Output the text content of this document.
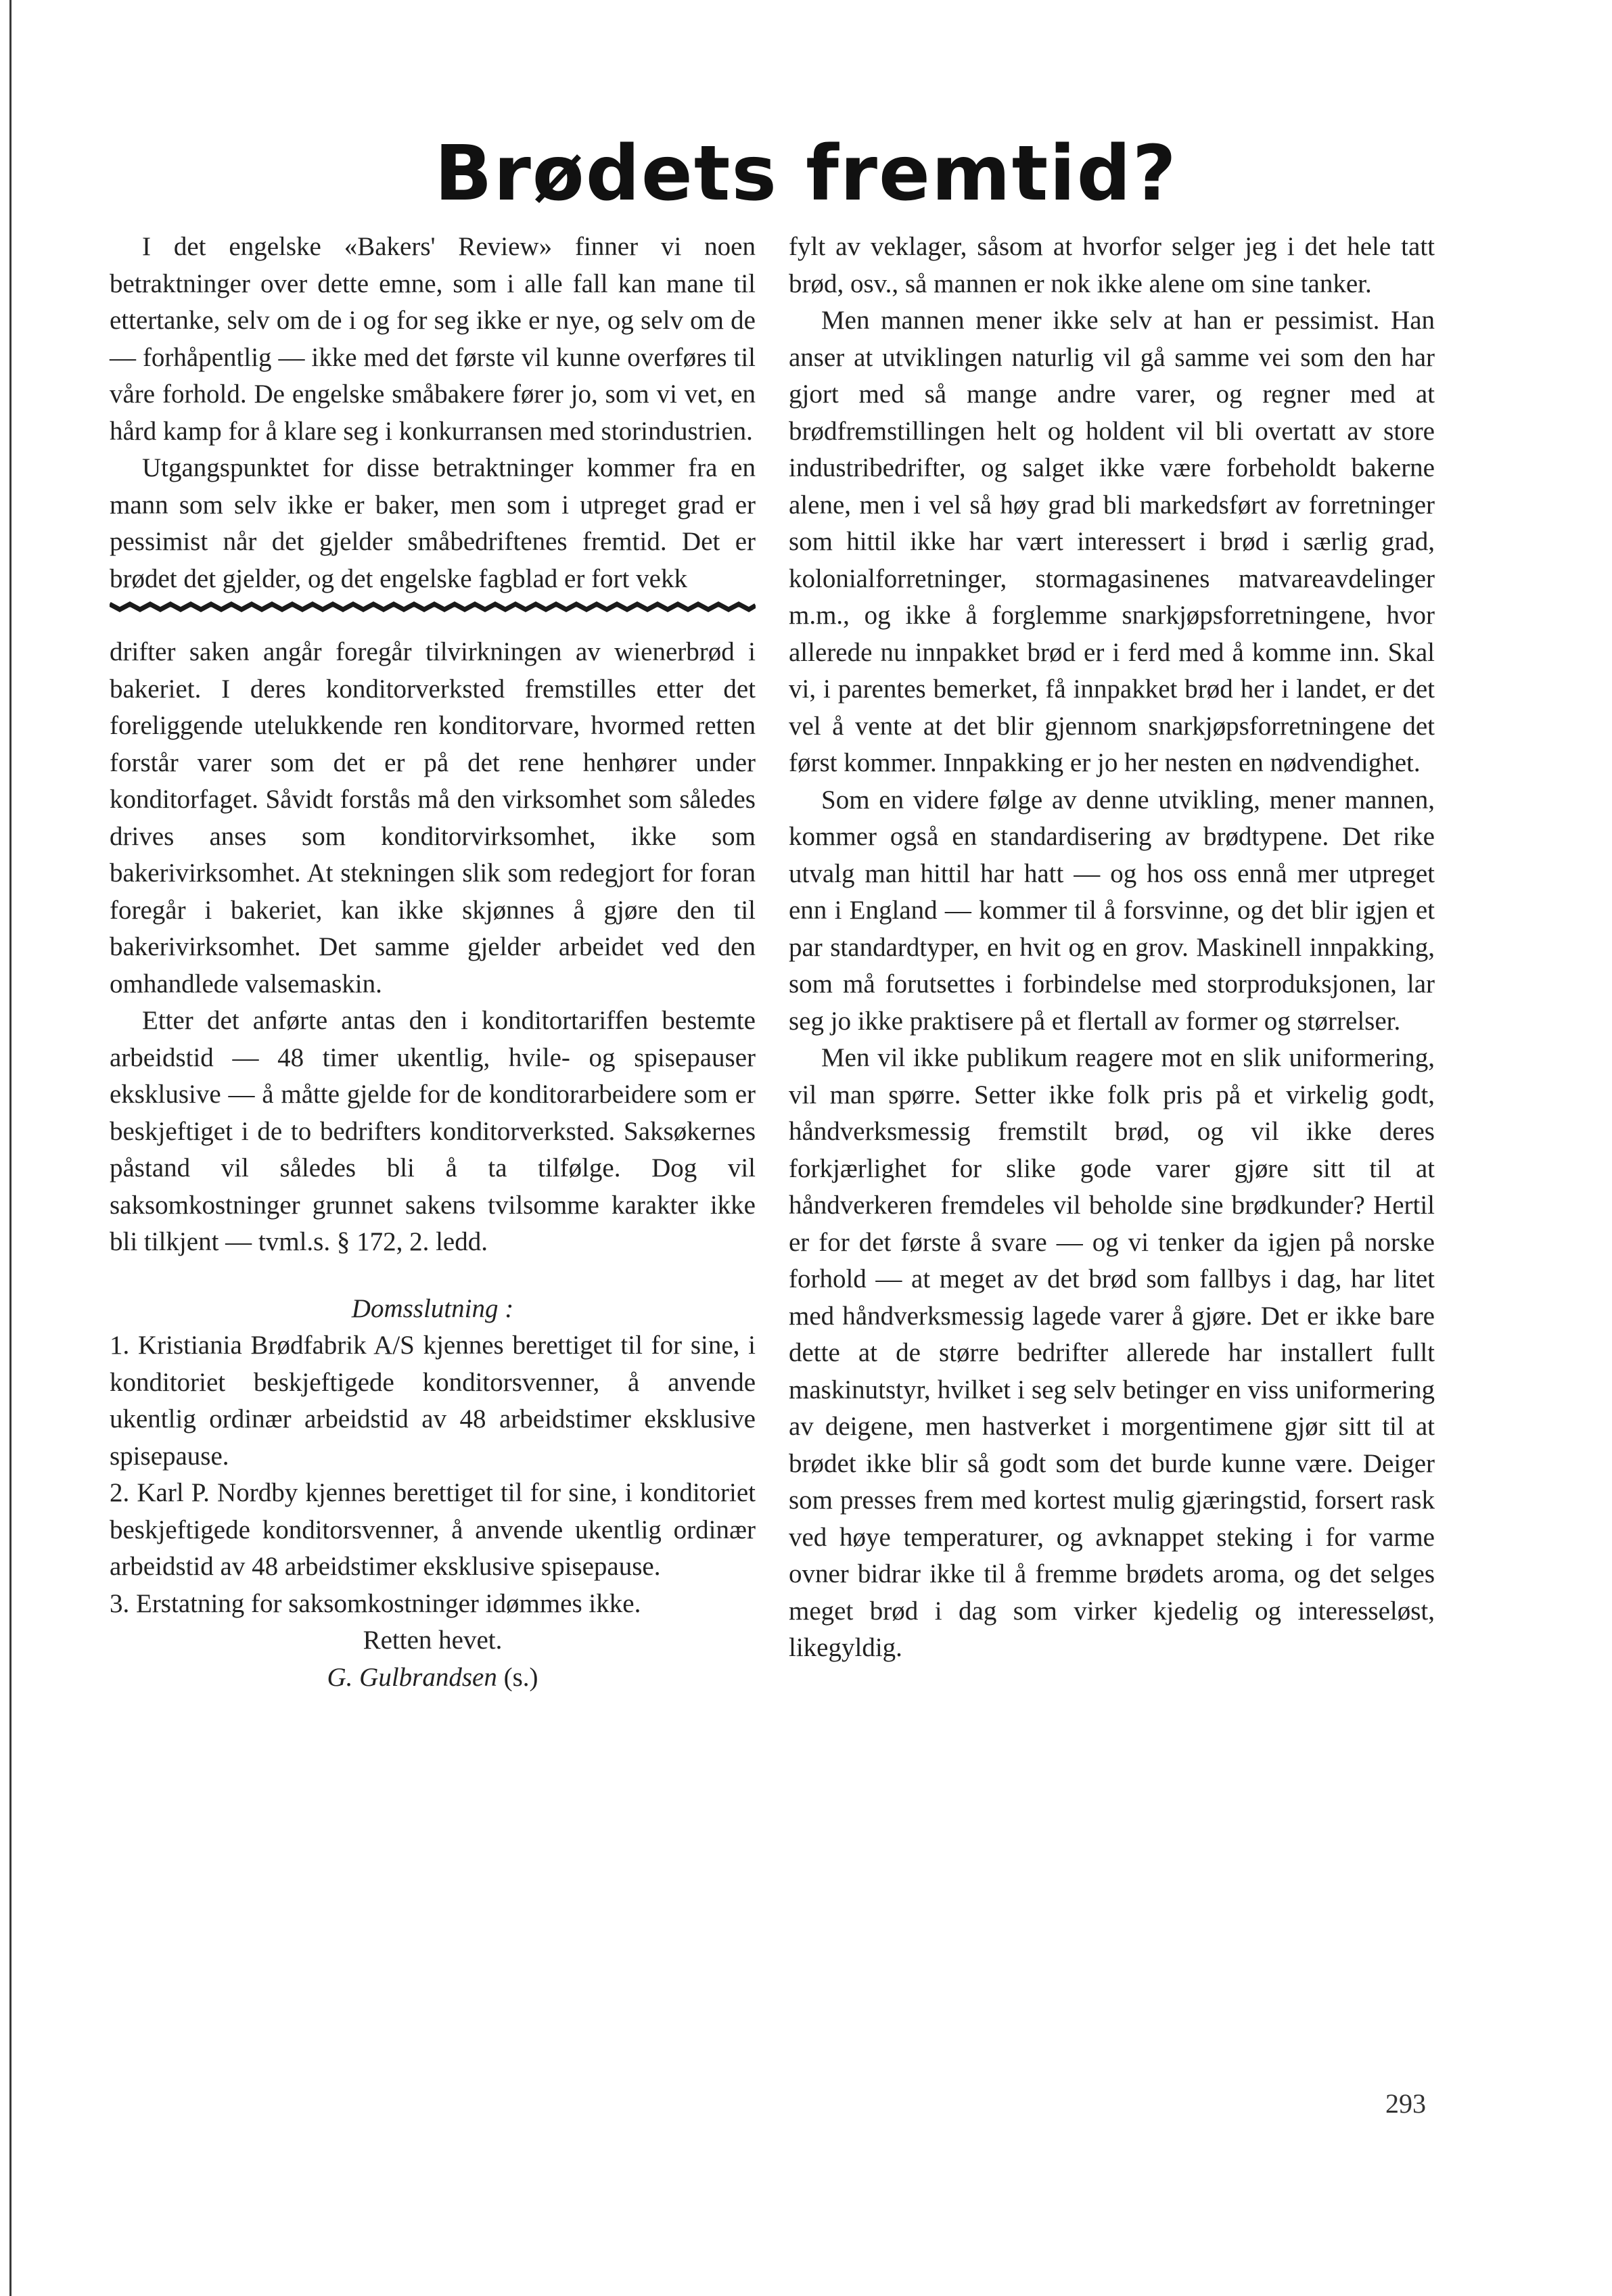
Brødets fremtid?

I det engelske «Bakers' Review» finner vi noen betraktninger over dette emne, som i alle fall kan mane til ettertanke, selv om de i og for seg ikke er nye, og selv om de — forhåpentlig — ikke med det første vil kunne overføres til våre forhold. De engelske småbakere fører jo, som vi vet, en hård kamp for å klare seg i konkurransen med storindustrien.

Utgangspunktet for disse betraktninger kommer fra en mann som selv ikke er baker, men som i utpreget grad er pessimist når det gjelder småbedriftenes fremtid. Det er brødet det gjelder, og det engelske fagblad er fort vekk

drifter saken angår foregår tilvirkningen av wienerbrød i bakeriet. I deres konditorverksted fremstilles etter det foreliggende utelukkende ren konditorvare, hvormed retten forstår varer som det er på det rene henhører under konditorfaget. Såvidt forstås må den virksomhet som således drives anses som konditorvirksomhet, ikke som bakerivirksomhet. At stekningen slik som redegjort for foran foregår i bakeriet, kan ikke skjønnes å gjøre den til bakerivirksomhet. Det samme gjelder arbeidet ved den omhandlede valsemaskin.

Etter det anførte antas den i konditortariffen bestemte arbeidstid — 48 timer ukentlig, hvile- og spisepauser eksklusive — å måtte gjelde for de konditorarbeidere som er beskjeftiget i de to bedrifters konditorverksted. Saksøkernes påstand vil således bli å ta tilfølge. Dog vil saksomkostninger grunnet sakens tvilsomme karakter ikke bli tilkjent — tvml.s. § 172, 2. ledd.

Domsslutning :

1. Kristiania Brødfabrik A/S kjennes berettiget til for sine, i konditoriet beskjeftigede konditorsvenner, å anvende ukentlig ordinær arbeidstid av 48 arbeidstimer eksklusive spisepause.

2. Karl P. Nordby kjennes berettiget til for sine, i konditoriet beskjeftigede konditorsvenner, å anvende ukentlig ordinær arbeidstid av 48 arbeidstimer eksklusive spisepause.

3. Erstatning for saksomkostninger idømmes ikke.

Retten hevet.

G. Gulbrandsen (s.)

fylt av veklager, såsom at hvorfor selger jeg i det hele tatt brød, osv., så mannen er nok ikke alene om sine tanker.

Men mannen mener ikke selv at han er pessimist. Han anser at utviklingen naturlig vil gå samme vei som den har gjort med så mange andre varer, og regner med at brødfremstillingen helt og holdent vil bli overtatt av store industribedrifter, og salget ikke være forbeholdt bakerne alene, men i vel så høy grad bli markedsført av forretninger som hittil ikke har vært interessert i brød i særlig grad, kolonialforretninger, stormagasinenes matvareavdelinger m.m., og ikke å forglemme snarkjøpsforretningene, hvor allerede nu innpakket brød er i ferd med å komme inn. Skal vi, i parentes bemerket, få innpakket brød her i landet, er det vel å vente at det blir gjennom snarkjøpsforretningene det først kommer. Innpakking er jo her nesten en nødvendighet.

Som en videre følge av denne utvikling, mener mannen, kommer også en standardisering av brødtypene. Det rike utvalg man hittil har hatt — og hos oss ennå mer utpreget enn i England — kommer til å forsvinne, og det blir igjen et par standardtyper, en hvit og en grov. Maskinell innpakking, som må forutsettes i forbindelse med storproduksjonen, lar seg jo ikke praktisere på et flertall av former og størrelser.

Men vil ikke publikum reagere mot en slik uniformering, vil man spørre. Setter ikke folk pris på et virkelig godt, håndverksmessig fremstilt brød, og vil ikke deres forkjærlighet for slike gode varer gjøre sitt til at håndverkeren fremdeles vil beholde sine brødkunder? Hertil er for det første å svare — og vi tenker da igjen på norske forhold — at meget av det brød som fallbys i dag, har litet med håndverksmessig lagede varer å gjøre. Det er ikke bare dette at de større bedrifter allerede har installert fullt maskinutstyr, hvilket i seg selv betinger en viss uniformering av deigene, men hastverket i morgentimene gjør sitt til at brødet ikke blir så godt som det burde kunne være. Deiger som presses frem med kortest mulig gjæringstid, forsert rask ved høye temperaturer, og avknappet steking i for varme ovner bidrar ikke til å fremme brødets aroma, og det selges meget brød i dag som virker kjedelig og interesseløst, likegyldig.

293
